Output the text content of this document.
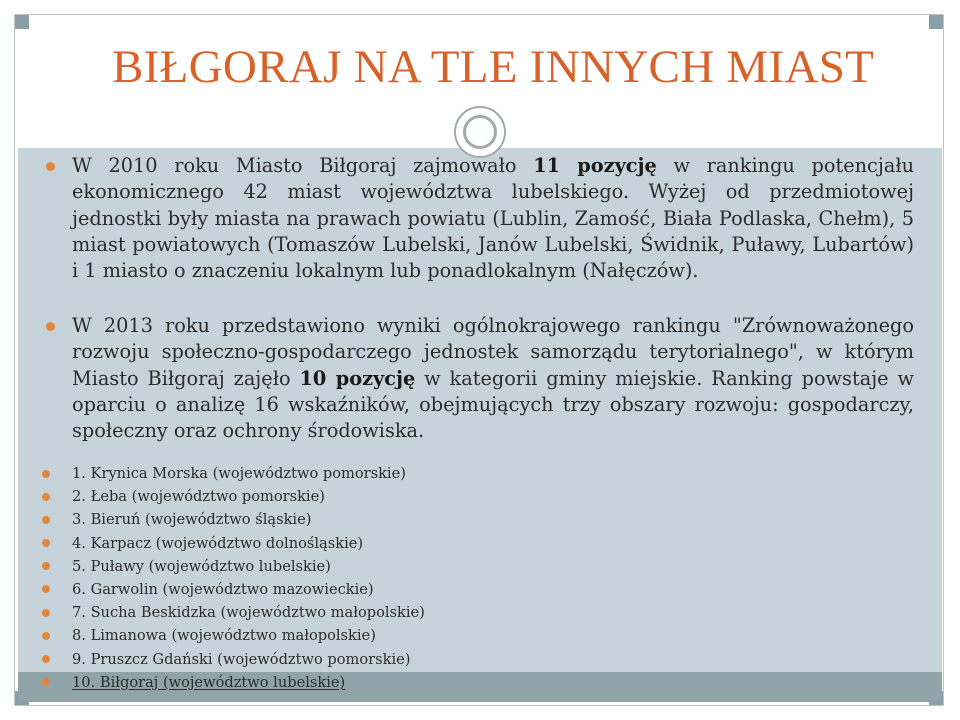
BIŁGORAJ NA TLE INNYCH MIAST
W 2010 roku Miasto Biłgoraj zajmowało 11 pozycję w rankingu potencjału ekonomicznego 42 miast województwa lubelskiego. Wyżej od przedmiotowej jednostki były miasta na prawach powiatu (Lublin, Zamość, Biała Podlaska, Chełm), 5 miast powiatowych (Tomaszów Lubelski, Janów Lubelski, Świdnik, Puławy, Lubartów) i 1 miasto o znaczeniu lokalnym lub ponadlokalnym (Nałęczów).
W 2013 roku przedstawiono wyniki ogólnokrajowego rankingu "Zrównoważonego rozwoju społeczno-gospodarczego jednostek samorządu terytorialnego", w którym Miasto Biłgoraj zajęło 10 pozycję w kategorii gminy miejskie. Ranking powstaje w oparciu o analizę 16 wskaźników, obejmujących trzy obszary rozwoju: gospodarczy, społeczny oraz ochrony środowiska.
1. Krynica Morska (województwo pomorskie)
2. Łeba (województwo pomorskie)
3. Bieruń (województwo śląskie)
4. Karpacz (województwo dolnośląskie)
5. Puławy (województwo lubelskie)
6. Garwolin (województwo mazowieckie)
7. Sucha Beskidzka (województwo małopolskie)
8. Limanowa (województwo małopolskie)
9. Pruszcz Gdański (województwo pomorskie)
10. Biłgoraj (województwo lubelskie)
